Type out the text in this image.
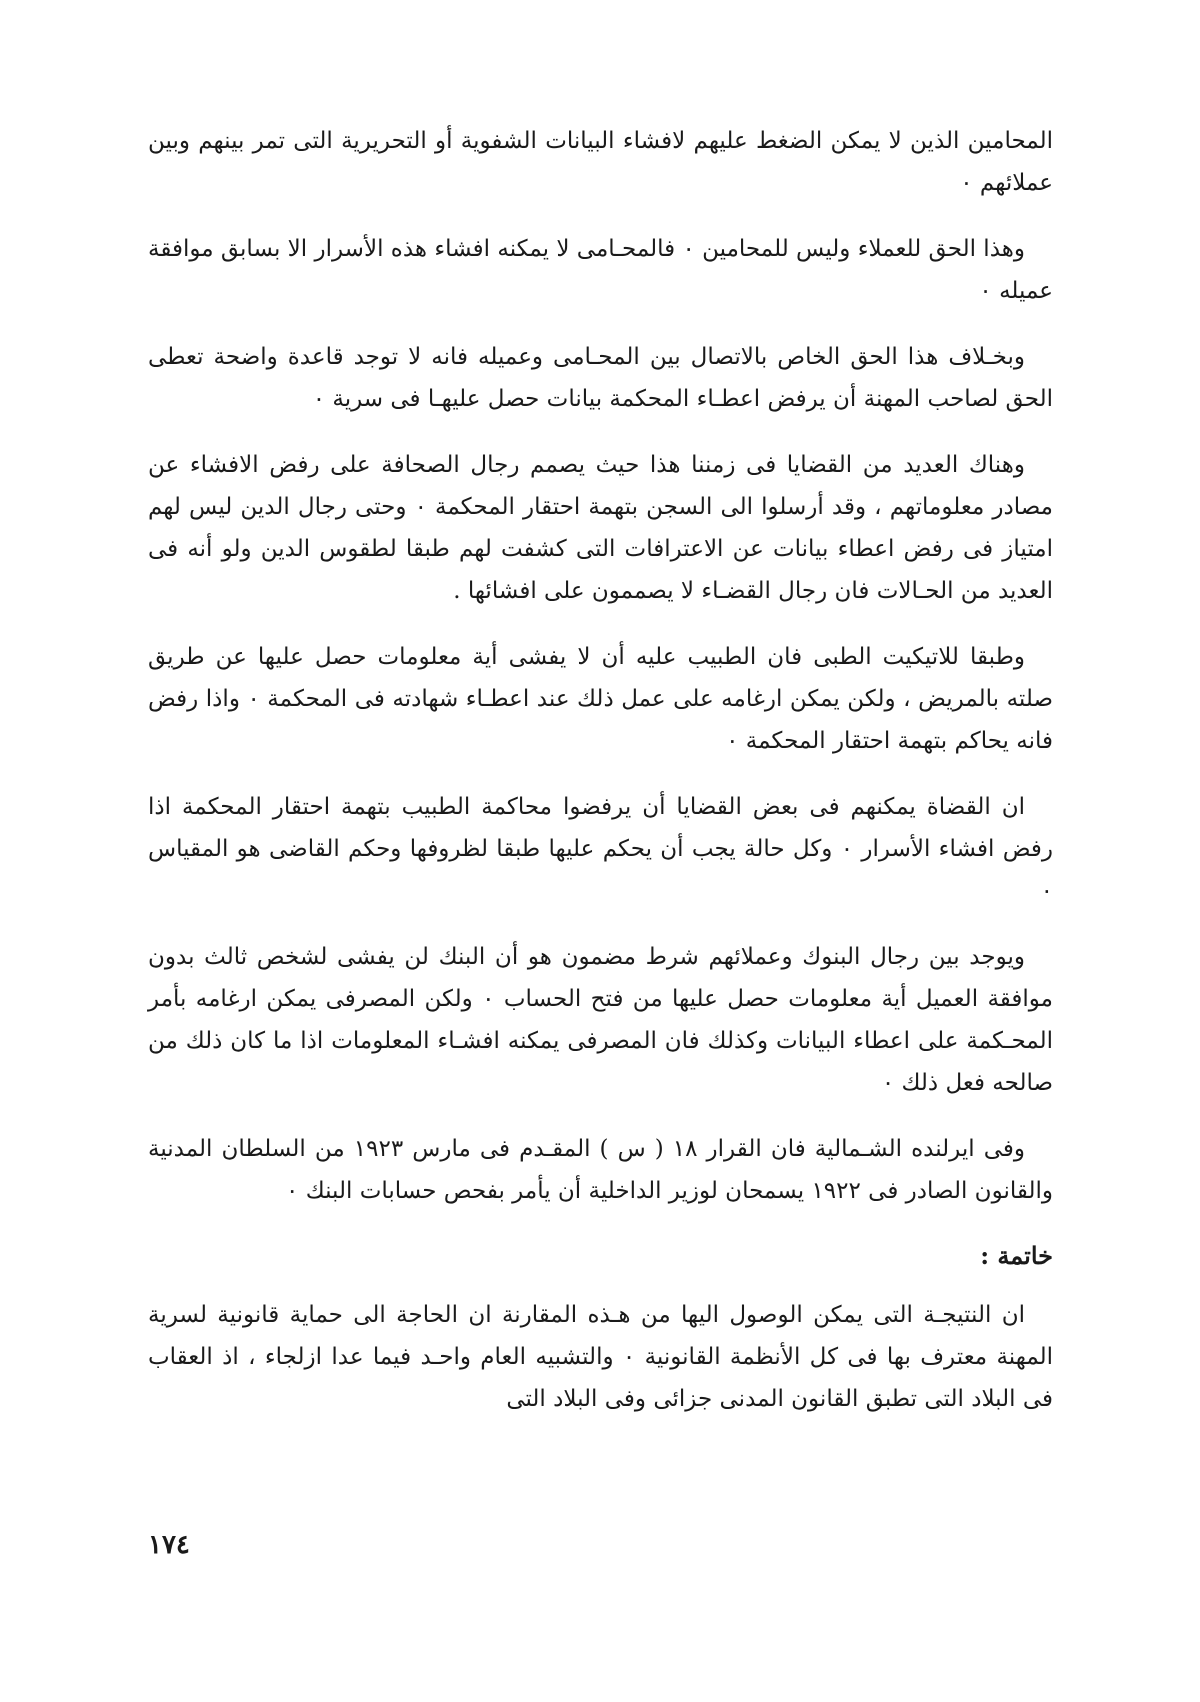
المحامين الذين لا يمكن الضغط عليهم لافشاء البيانات الشفوية أو التحريرية التى تمر بينهم وبين عملائهم ٠

وهذا الحق للعملاء وليس للمحامين ٠ فالمحـامى لا يمكنه افشاء هذه الأسرار الا بسابق موافقة عميله ٠

وبخـلاف هذا الحق الخاص بالاتصال بين المحـامى وعميله فانه لا توجد قاعدة واضحة تعطى الحق لصاحب المهنة أن يرفض اعطـاء المحكمة بيانات حصل عليهـا فى سرية ٠

وهناك العديد من القضايا فى زمننا هذا حيث يصمم رجال الصحافة على رفض الافشاء عن مصادر معلوماتهم ، وقد أرسلوا الى السجن بتهمة احتقار المحكمة ٠ وحتى رجال الدين ليس لهم امتياز فى رفض اعطاء بيانات عن الاعترافات التى كشفت لهم طبقا لطقوس الدين ولو أنه فى العديد من الحـالات فان رجال القضـاء لا يصممون على افشائها .

وطبقا للاتيكيت الطبى فان الطبيب عليه أن لا يفشى أية معلومات حصل عليها عن طريق صلته بالمريض ، ولكن يمكن ارغامه على عمل ذلك عند اعطـاء شهادته فى المحكمة ٠ واذا رفض فانه يحاكم بتهمة احتقار المحكمة ٠

ان القضاة يمكنهم فى بعض القضايا أن يرفضوا محاكمة الطبيب بتهمة احتقار المحكمة اذا رفض افشاء الأسرار ٠ وكل حالة يجب أن يحكم عليها طبقا لظروفها وحكم القاضى هو المقياس ٠

ويوجد بين رجال البنوك وعملائهم شرط مضمون هو أن البنك لن يفشى لشخص ثالث بدون موافقة العميل أية معلومات حصل عليها من فتح الحساب ٠ ولكن المصرفى يمكن ارغامه بأمر المحـكمة على اعطاء البيانات وكذلك فان المصرفى يمكنه افشـاء المعلومات اذا ما كان ذلك من صالحه فعل ذلك ٠

وفى ايرلنده الشـمالية فان القرار ١٨ ( س ) المقـدم فى مارس ١٩٢٣ من السلطان المدنية والقانون الصادر فى ١٩٢٢ يسمحان لوزير الداخلية أن يأمر بفحص حسابات البنك ٠

خاتمة :

ان النتيجـة التى يمكن الوصول اليها من هـذه المقارنة ان الحاجة الى حماية قانونية لسرية المهنة معترف بها فى كل الأنظمة القانونية ٠ والتشبيه العام واحـد فيما عدا ازلجاء ، اذ العقاب فى البلاد التى تطبق القانون المدنى جزائى وفى البلاد التى

١٧٤
